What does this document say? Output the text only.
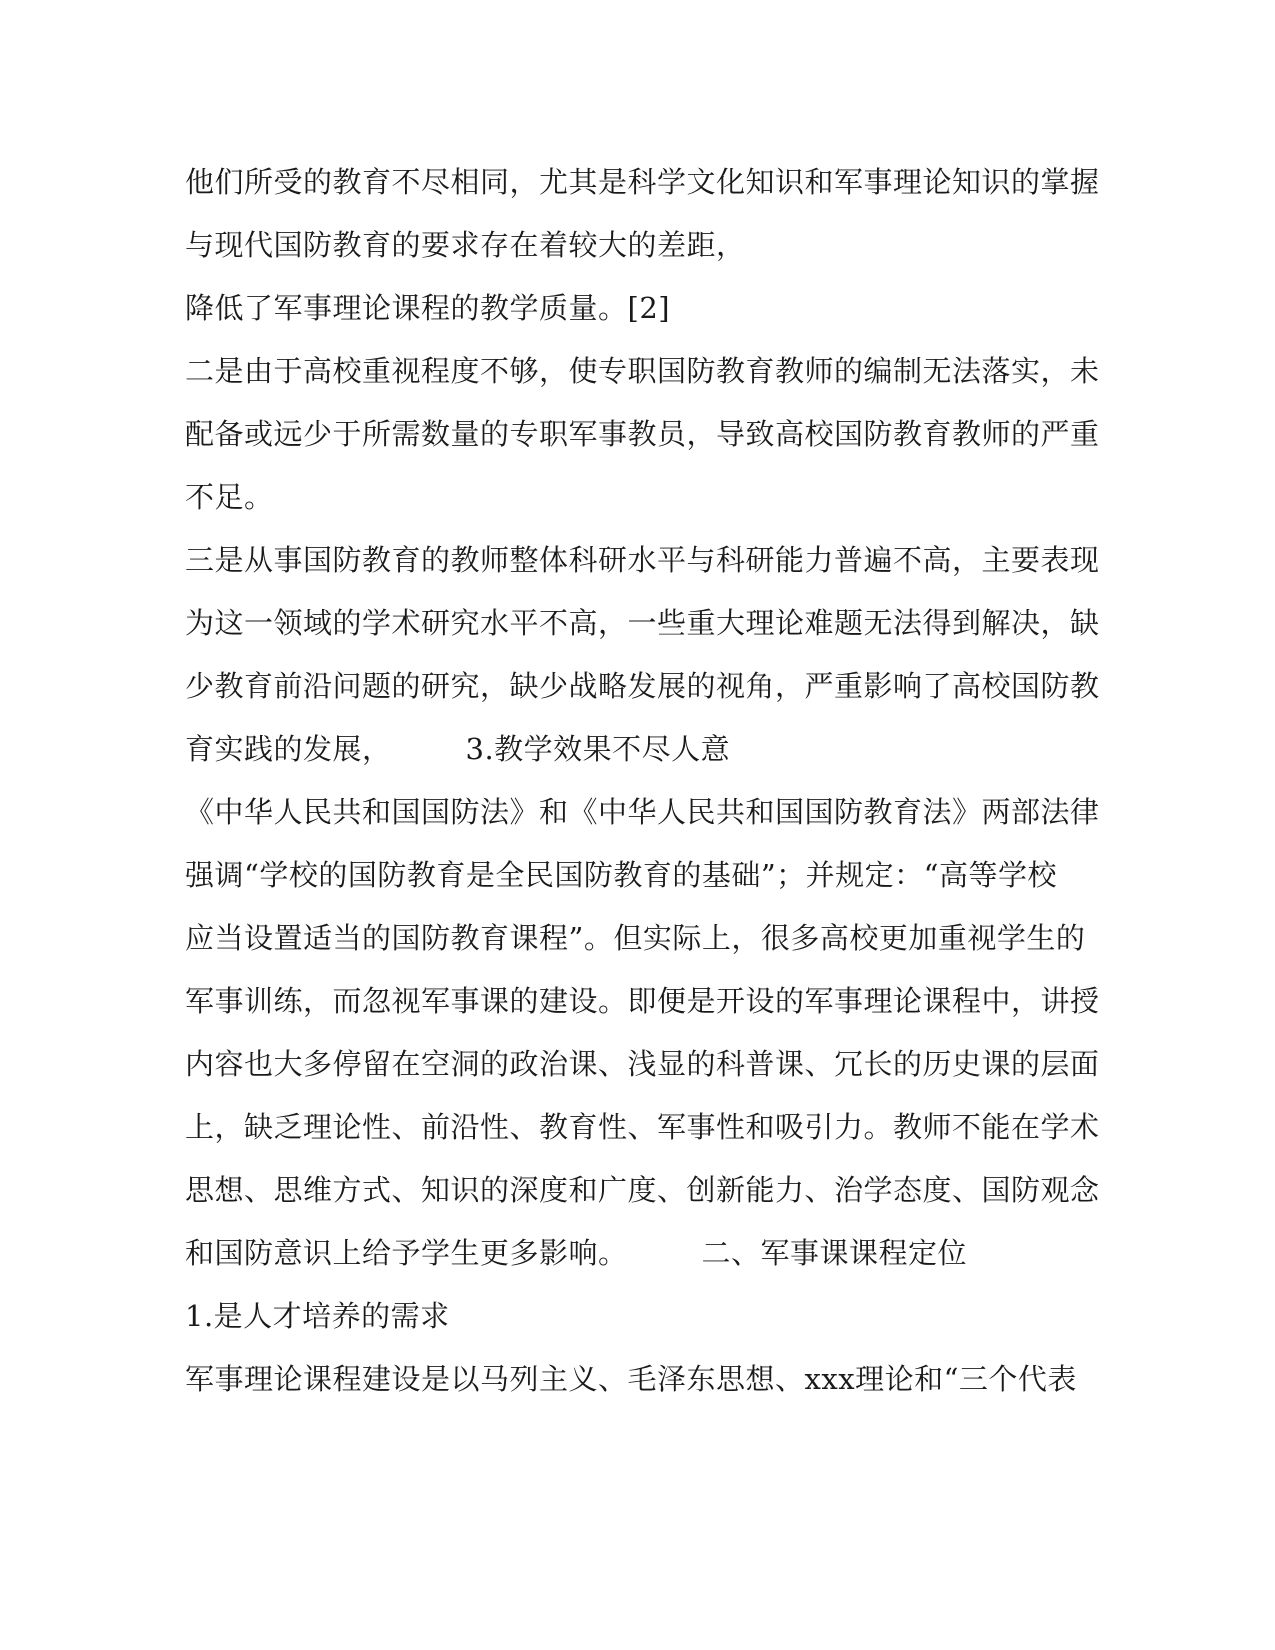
他们所受的教育不尽相同，尤其是科学文化知识和军事理论知识的掌握
与现代国防教育的要求存在着较大的差距，
降低了军事理论课程的教学质量。[2]
二是由于高校重视程度不够，使专职国防教育教师的编制无法落实，未
配备或远少于所需数量的专职军事教员，导致高校国防教育教师的严重
不足。
三是从事国防教育的教师整体科研水平与科研能力普遍不高，主要表现
为这一领域的学术研究水平不高，一些重大理论难题无法得到解决，缺
少教育前沿问题的研究，缺少战略发展的视角，严重影响了高校国防教
育实践的发展，	3.教学效果不尽人意
《中华人民共和国国防法》和《中华人民共和国国防教育法》两部法律
强调“学校的国防教育是全民国防教育的基础”；并规定：“高等学校
应当设置适当的国防教育课程”。但实际上，很多高校更加重视学生的
军事训练，而忽视军事课的建设。即便是开设的军事理论课程中，讲授
内容也大多停留在空洞的政治课、浅显的科普课、冗长的历史课的层面
上，缺乏理论性、前沿性、教育性、军事性和吸引力。教师不能在学术
思想、思维方式、知识的深度和广度、创新能力、治学态度、国防观念
和国防意识上给予学生更多影响。	二、军事课课程定位
1.是人才培养的需求
军事理论课程建设是以马列主义、毛泽东思想、xxx理论和“三个代表
